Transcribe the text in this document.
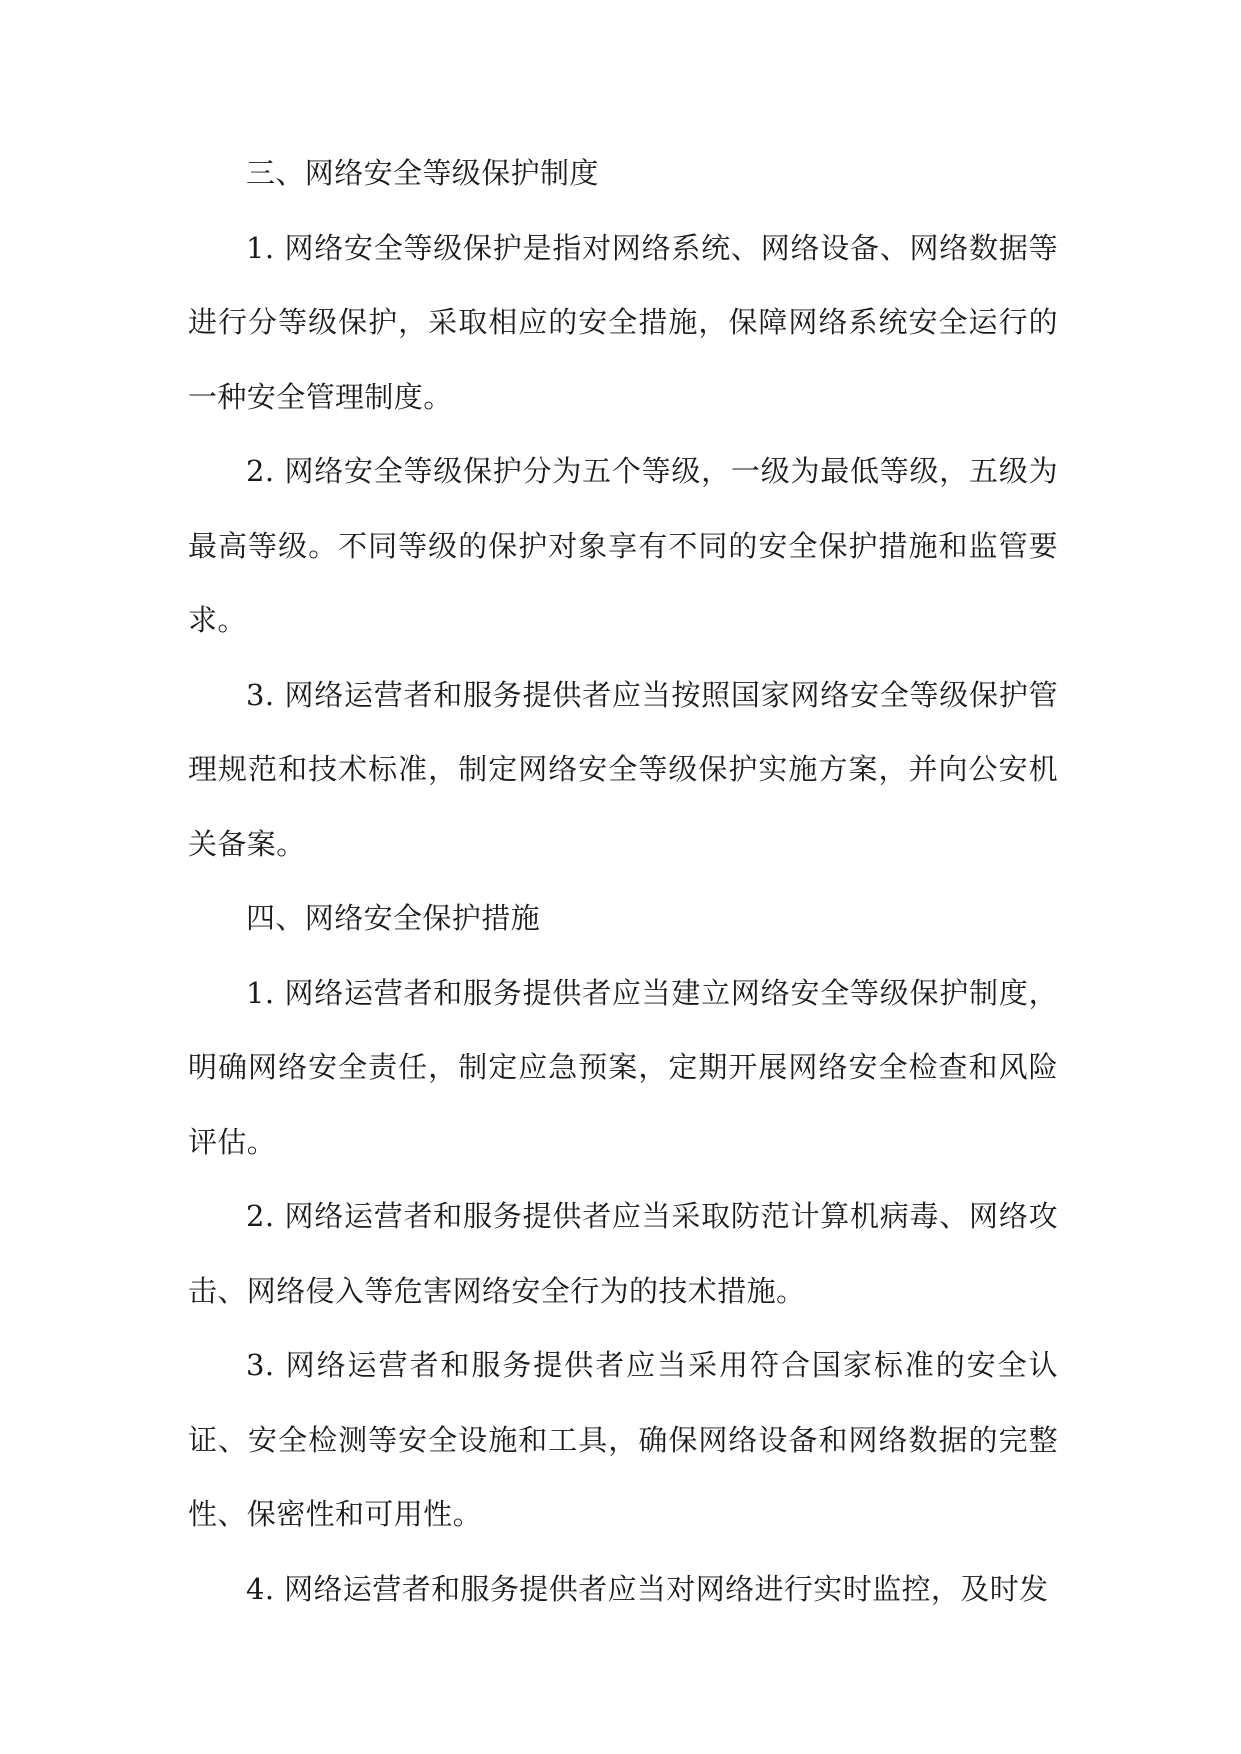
三、网络安全等级保护制度

1. 网络安全等级保护是指对网络系统、网络设备、网络数据等进行分等级保护，采取相应的安全措施，保障网络系统安全运行的一种安全管理制度。

2. 网络安全等级保护分为五个等级，一级为最低等级，五级为最高等级。不同等级的保护对象享有不同的安全保护措施和监管要求。

3. 网络运营者和服务提供者应当按照国家网络安全等级保护管理规范和技术标准，制定网络安全等级保护实施方案，并向公安机关备案。

四、网络安全保护措施

1. 网络运营者和服务提供者应当建立网络安全等级保护制度，明确网络安全责任，制定应急预案，定期开展网络安全检查和风险评估。

2. 网络运营者和服务提供者应当采取防范计算机病毒、网络攻击、网络侵入等危害网络安全行为的技术措施。

3. 网络运营者和服务提供者应当采用符合国家标准的安全认证、安全检测等安全设施和工具，确保网络设备和网络数据的完整性、保密性和可用性。

4. 网络运营者和服务提供者应当对网络进行实时监控，及时发
